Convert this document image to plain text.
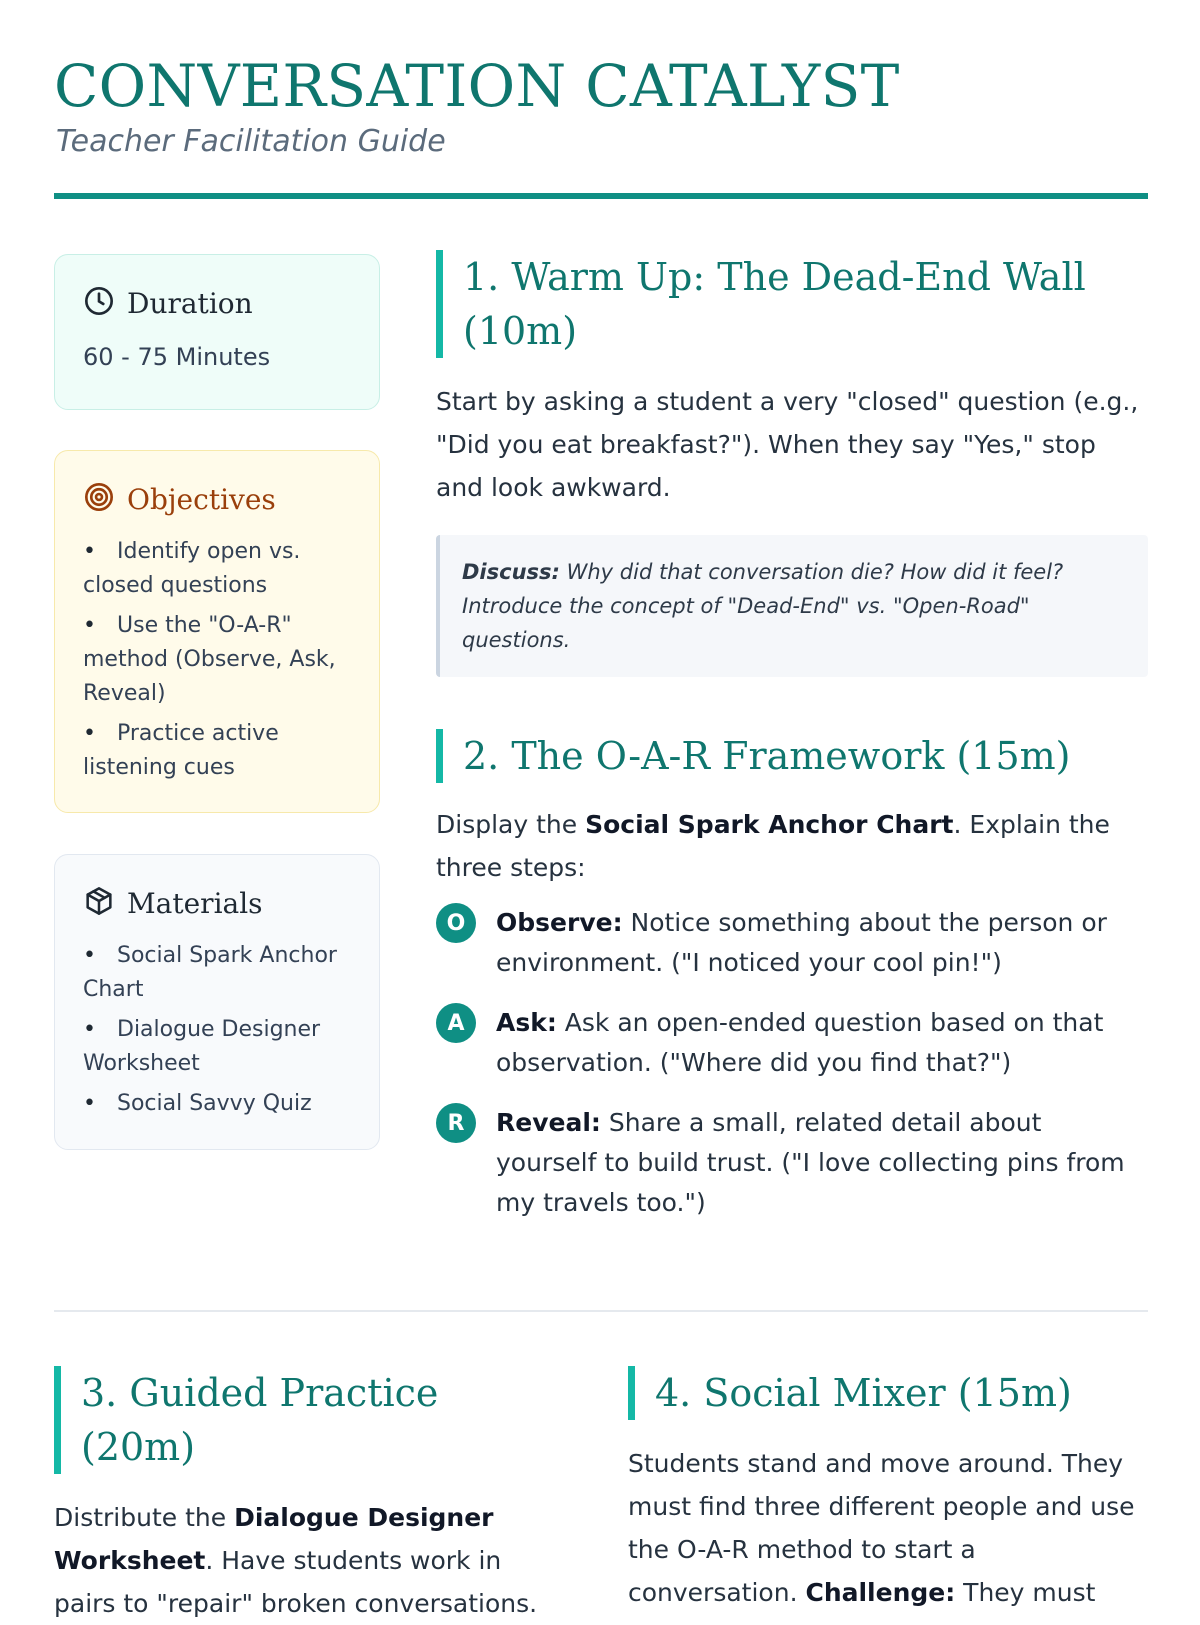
CONVERSATION CATALYST
Teacher Facilitation Guide
Duration
60 - 75 Minutes
Objectives
• Identify open vs. closed questions
• Use the "O-A-R" method (Observe, Ask, Reveal)
• Practice active listening cues
Materials
• Social Spark Anchor Chart
• Dialogue Designer Worksheet
• Social Savvy Quiz
1. Warm Up: The Dead-End Wall (10m)

Start by asking a student a very "closed" question (e.g., "Did you eat breakfast?"). When they say "Yes," stop and look awkward.

Discuss: Why did that conversation die? How did it feel? Introduce the concept of "Dead-End" vs. "Open-Road" questions.
2. The O-A-R Framework (15m)

Display the Social Spark Anchor Chart. Explain the three steps:

O	Observe: Notice something about the person or environment. ("I noticed your cool pin!")
A	Ask: Ask an open-ended question based on that observation. ("Where did you find that?")
R	Reveal: Share a small, related detail about yourself to build trust. ("I love collecting pins from my travels too.")
3. Guided Practice (20m)

Distribute the Dialogue Designer Worksheet. Have students work in pairs to "repair" broken conversations.

4. Social Mixer (15m)

Students stand and move around. They must find three different people and use the O-A-R method to start a conversation. Challenge: They must
